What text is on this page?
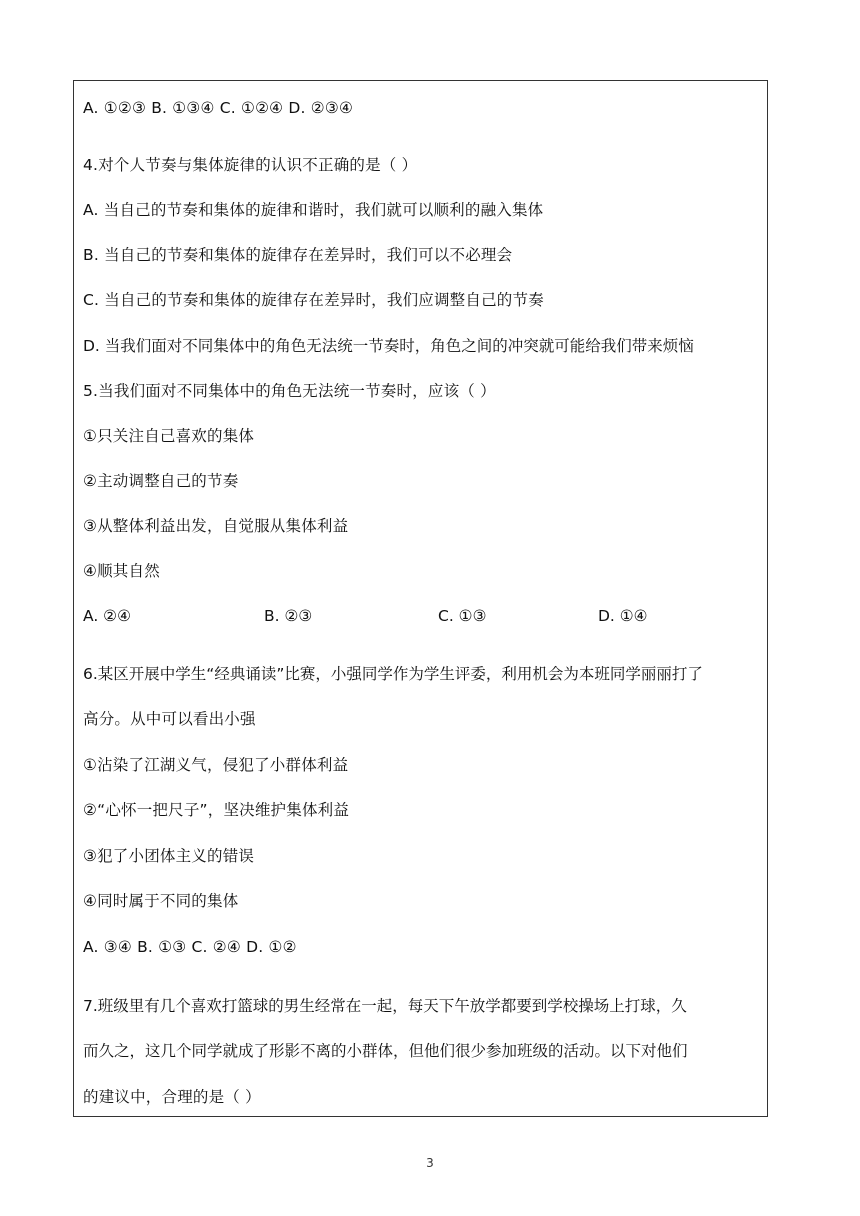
A. ①②③ B. ①③④ C. ①②④ D. ②③④
4.对个人节奏与集体旋律的认识不正确的是（ ）
A. 当自己的节奏和集体的旋律和谐时，我们就可以顺利的融入集体
B. 当自己的节奏和集体的旋律存在差异时，我们可以不必理会
C. 当自己的节奏和集体的旋律存在差异时，我们应调整自己的节奏
D. 当我们面对不同集体中的角色无法统一节奏时，角色之间的冲突就可能给我们带来烦恼
5.当我们面对不同集体中的角色无法统一节奏时，应该（ ）
①只关注自己喜欢的集体
②主动调整自己的节奏
③从整体利益出发，自觉服从集体利益
④顺其自然
A. ②④	B. ②③	C. ①③	D. ①④
6.某区开展中学生“经典诵读”比赛，小强同学作为学生评委，利用机会为本班同学丽丽打了
高分。从中可以看出小强
①沾染了江湖义气，侵犯了小群体利益
②“心怀一把尺子”，坚决维护集体利益
③犯了小团体主义的错误
④同时属于不同的集体
A. ③④ B. ①③ C. ②④ D. ①②
7.班级里有几个喜欢打篮球的男生经常在一起，每天下午放学都要到学校操场上打球，久
而久之，这几个同学就成了形影不离的小群体，但他们很少参加班级的活动。以下对他们
的建议中，合理的是（ ）
3
